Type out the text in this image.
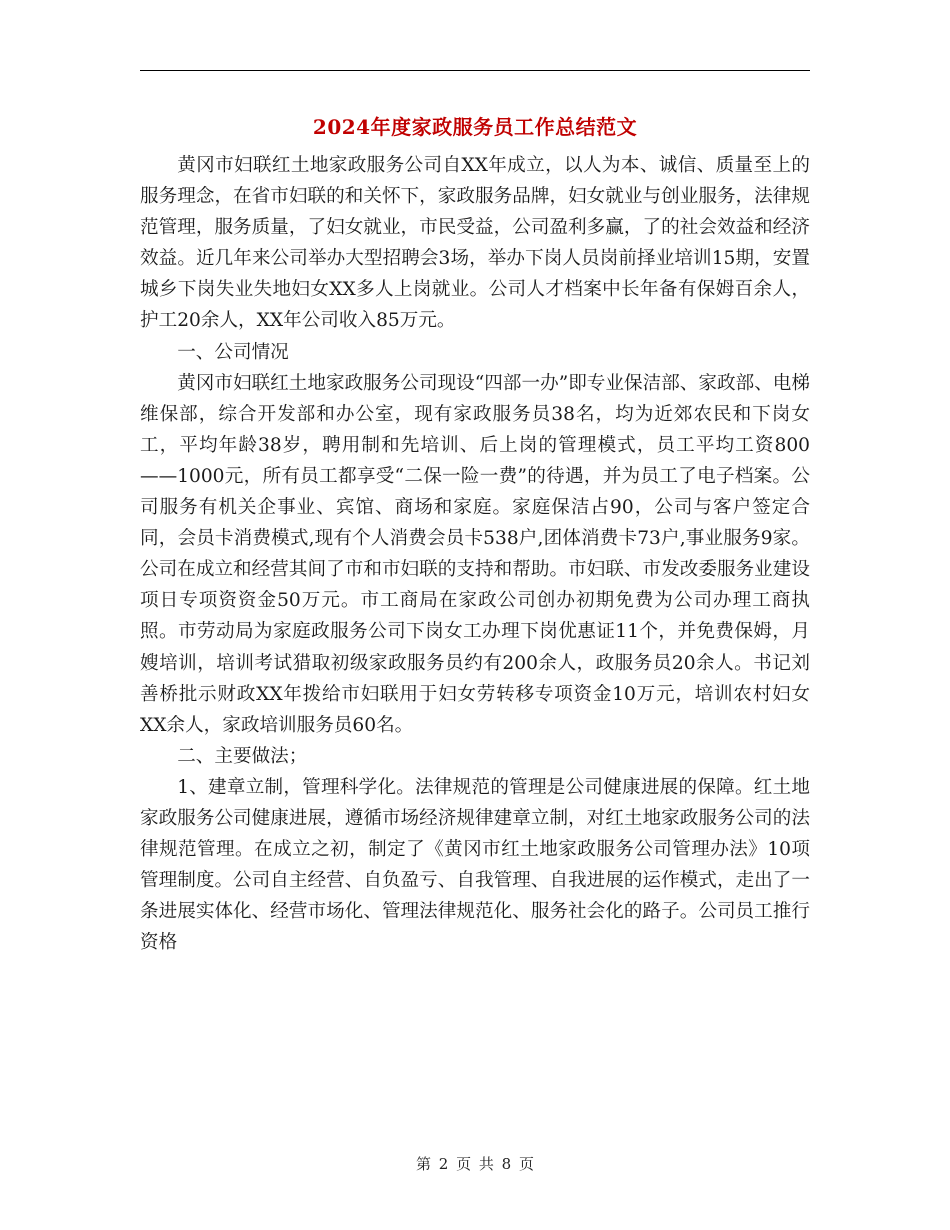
2024年度家政服务员工作总结范文

黄冈市妇联红土地家政服务公司自XX年成立，以人为本、诚信、质量至上的服务理念，在省市妇联的和关怀下，家政服务品牌，妇女就业与创业服务，法律规范管理，服务质量，了妇女就业，市民受益，公司盈利多赢，了的社会效益和经济效益。近几年来公司举办大型招聘会3场，举办下岗人员岗前择业培训15期，安置城乡下岗失业失地妇女XX多人上岗就业。公司人才档案中长年备有保姆百余人，护工20余人，XX年公司收入85万元。

一、公司情况

黄冈市妇联红土地家政服务公司现设“四部一办”即专业保洁部、家政部、电梯维保部，综合开发部和办公室，现有家政服务员38名，均为近郊农民和下岗女工，平均年龄38岁，聘用制和先培训、后上岗的管理模式，员工平均工资800——1000元，所有员工都享受“二保一险一费”的待遇，并为员工了电子档案。公司服务有机关企事业、宾馆、商场和家庭。家庭保洁占90，公司与客户签定合同，会员卡消费模式,现有个人消费会员卡538户,团体消费卡73户,事业服务9家。公司在成立和经营其间了市和市妇联的支持和帮助。市妇联、市发改委服务业建设项日专项资资金50万元。市工商局在家政公司创办初期免费为公司办理工商执照。市劳动局为家庭政服务公司下岗女工办理下岗优惠证11个，并免费保姆，月嫂培训，培训考试猎取初级家政服务员约有200余人，政服务员20余人。书记刘善桥批示财政XX年拨给市妇联用于妇女劳转移专项资金10万元，培训农村妇女XX余人，家政培训服务员60名。

二、主要做法；

1、建章立制，管理科学化。法律规范的管理是公司健康进展的保障。红土地家政服务公司健康进展，遵循市场经济规律建章立制，对红土地家政服务公司的法律规范管理。在成立之初，制定了《黄冈市红土地家政服务公司管理办法》10项管理制度。公司自主经营、自负盈亏、自我管理、自我进展的运作模式，走出了一条进展实体化、经营市场化、管理法律规范化、服务社会化的路子。公司员工推行资格

第 2 页 共 8 页
